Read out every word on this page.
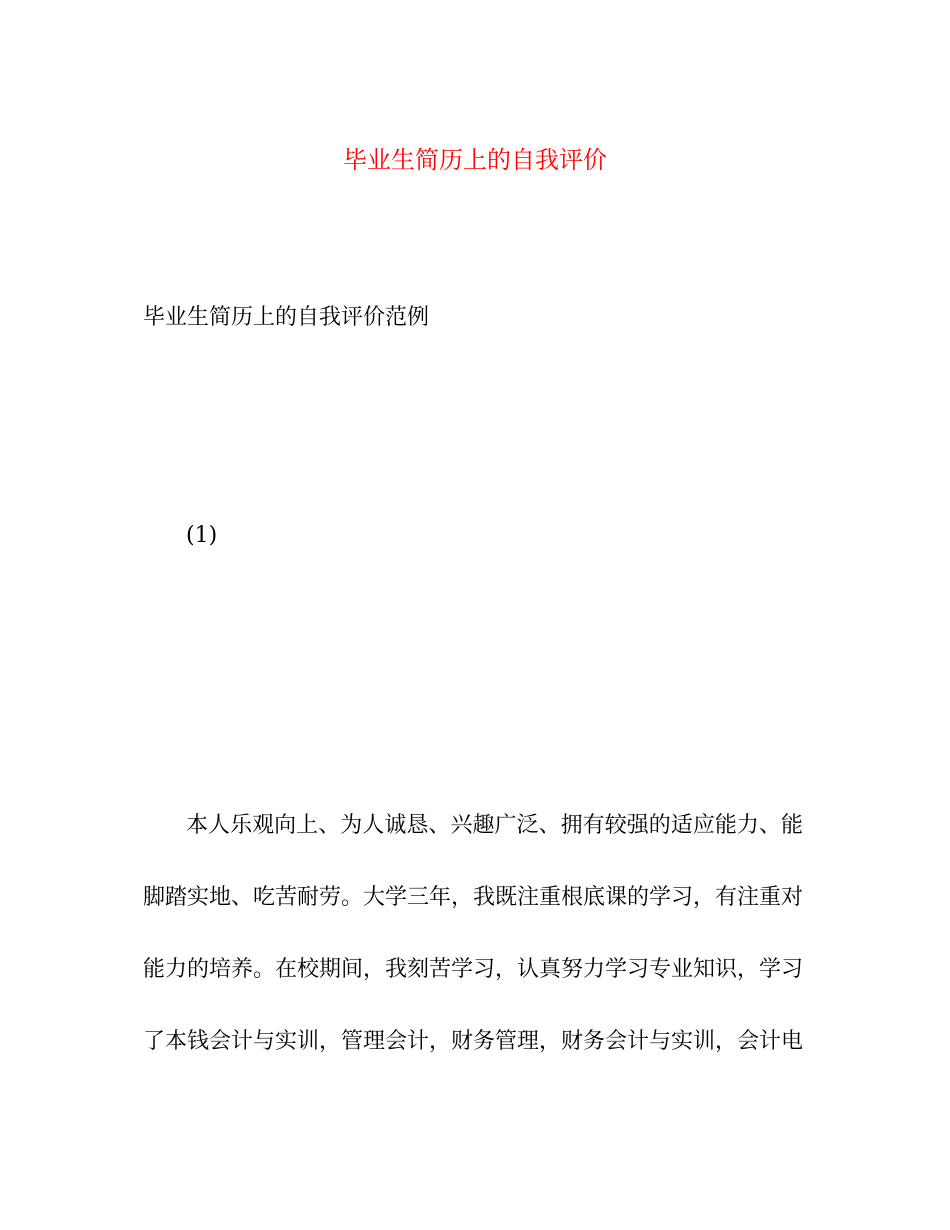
毕业生简历上的自我评价
毕业生简历上的自我评价范例
(1)
本人乐观向上、为人诚恳、兴趣广泛、拥有较强的适应能力、能
脚踏实地、吃苦耐劳。大学三年，我既注重根底课的学习，有注重对
能力的培养。在校期间，我刻苦学习，认真努力学习专业知识，学习
了本钱会计与实训，管理会计，财务管理，财务会计与实训，会计电
